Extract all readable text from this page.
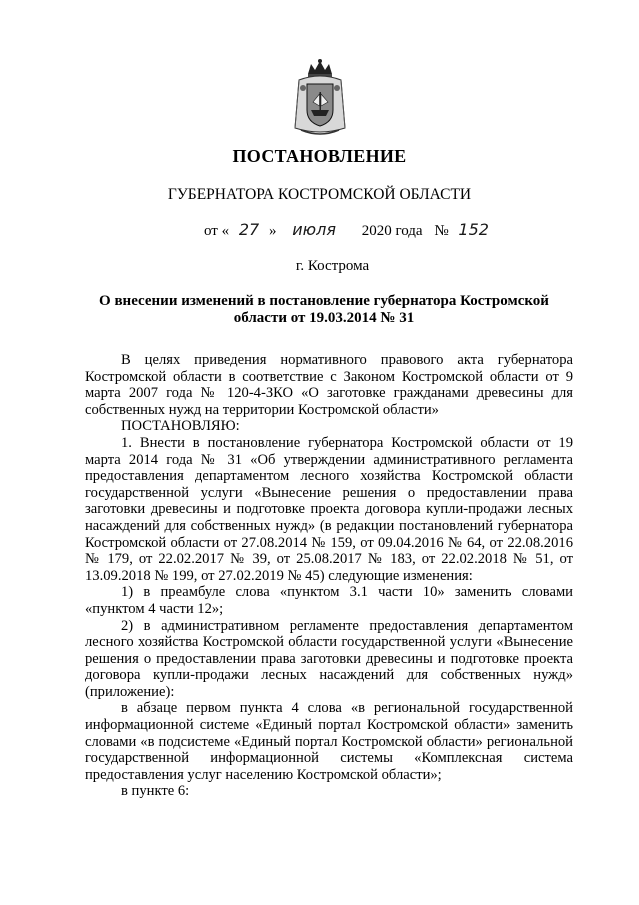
ПОСТАНОВЛЕНИЕ
ГУБЕРНАТОРА КОСТРОМСКОЙ ОБЛАСТИ
от « 27 » июля 2020 года № 152
г. Кострома
О внесении изменений в постановление губернатора Костромской области от 19.03.2014 № 31

В целях приведения нормативного правового акта губернатора Костромской области в соответствие с Законом Костромской области от 9 марта 2007 года № 120-4-ЗКО «О заготовке гражданами древесины для собственных нужд на территории Костромской области»

ПОСТАНОВЛЯЮ:

1. Внести в постановление губернатора Костромской области от 19 марта 2014 года № 31 «Об утверждении административного регламента предоставления департаментом лесного хозяйства Костромской области государственной услуги «Вынесение решения о предоставлении права заготовки древесины и подготовке проекта договора купли-продажи лесных насаждений для собственных нужд» (в редакции постановлений губернатора Костромской области от 27.08.2014 № 159, от 09.04.2016 № 64, от 22.08.2016 № 179, от 22.02.2017 № 39, от 25.08.2017 № 183, от 22.02.2018 № 51, от 13.09.2018 № 199, от 27.02.2019 № 45) следующие изменения:

1) в преамбуле слова «пунктом 3.1 части 10» заменить словами «пунктом 4 части 12»;

2) в административном регламенте предоставления департаментом лесного хозяйства Костромской области государственной услуги «Вынесение решения о предоставлении права заготовки древесины и подготовке проекта договора купли-продажи лесных насаждений для собственных нужд» (приложение):

в абзаце первом пункта 4 слова «в региональной государственной информационной системе «Единый портал Костромской области» заменить словами «в подсистеме «Единый портал Костромской области» региональной государственной информационной системы «Комплексная система предоставления услуг населению Костромской области»;

в пункте 6:
